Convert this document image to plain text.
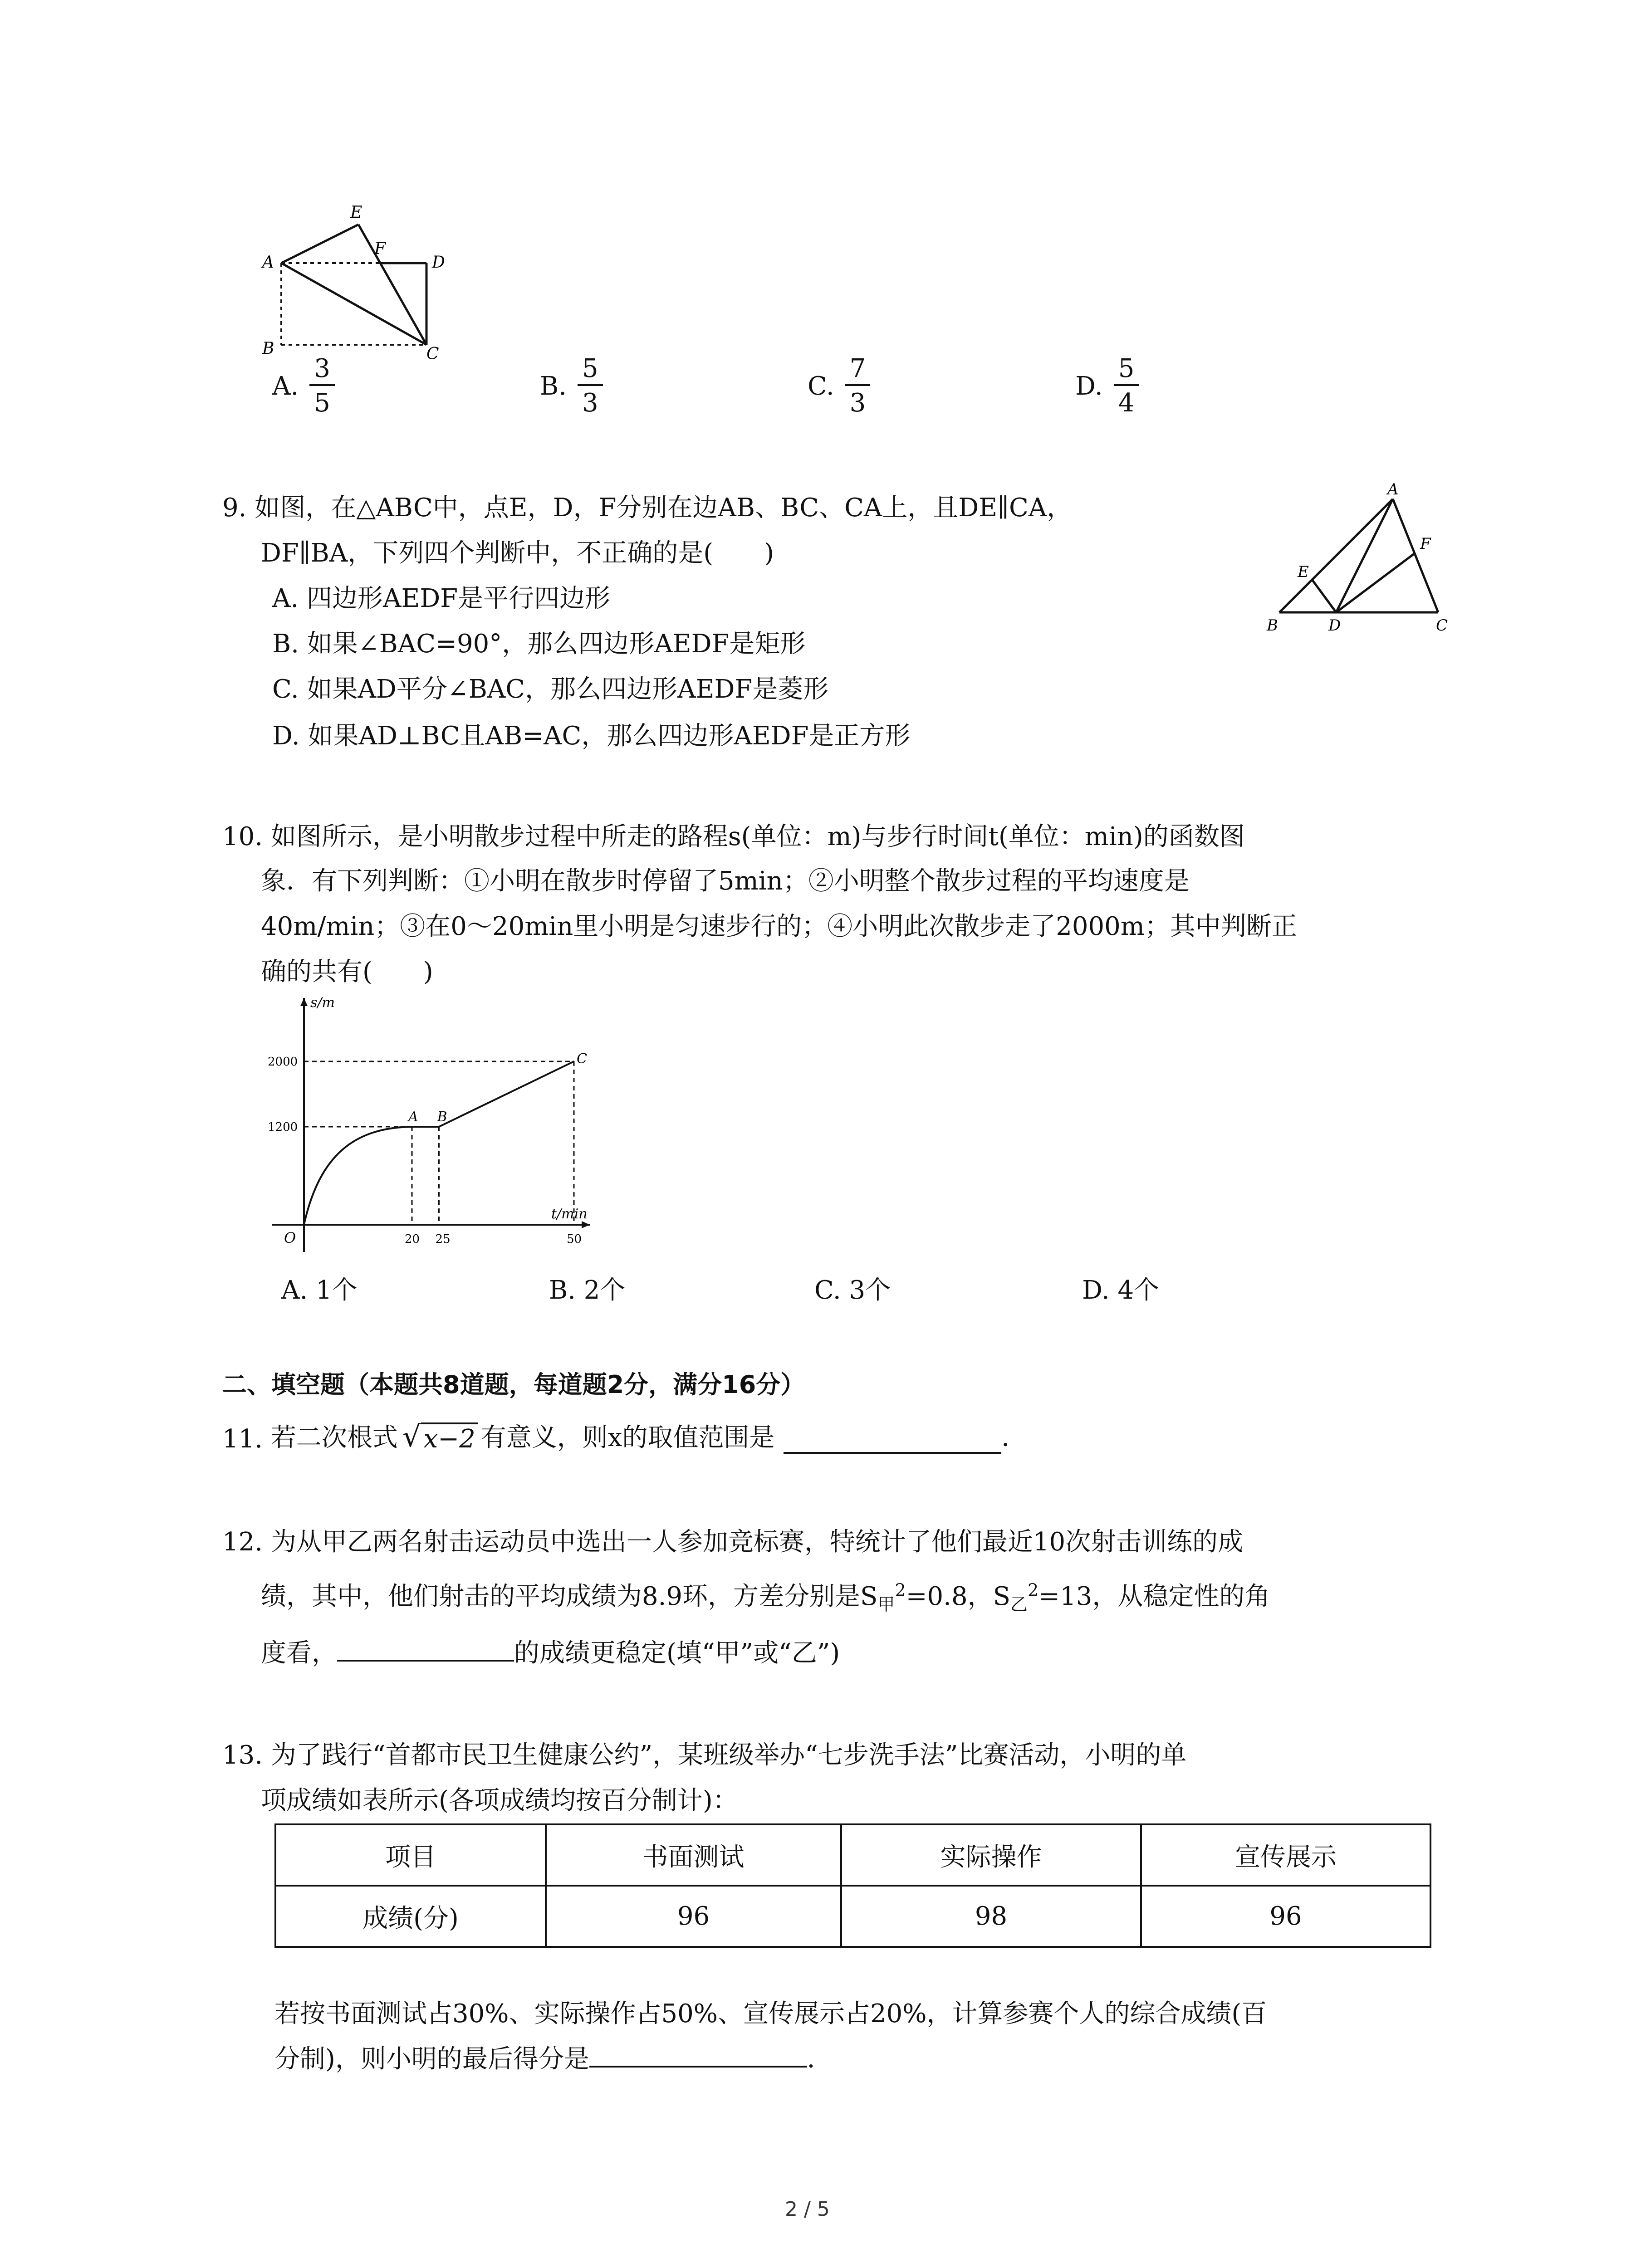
E
F
A	D
B	C
A. $\frac{3}{5}$	B. $\frac{5}{3}$	C. $\frac{7}{3}$	D. $\frac{5}{4}$
9. 如图，在△ABC中，点E，D，F分别在边AB、BC、CA上，且DE∥CA，
DF∥BA，下列四个判断中，不正确的是(　　)
A. 四边形AEDF是平行四边形
B. 如果∠BAC=90°，那么四边形AEDF是矩形
C. 如果AD平分∠BAC，那么四边形AEDF是菱形
D. 如果AD⊥BC且AB=AC，那么四边形AEDF是正方形
A
E
F
B	D	C
10. 如图所示，是小明散步过程中所走的路程s(单位：m)与步行时间t(单位：min)的函数图
象．有下列判断：①小明在散步时停留了5min；②小明整个散步过程的平均速度是
40m/min；③在0～20min里小明是匀速步行的；④小明此次散步走了2000m；其中判断正
确的共有(　　)
s/m
t/min
O
A B
C
20 25	50
1200
2000
A. 1个	B. 2个	C. 3个	D. 4个
二、填空题（本题共8道题，每道题2分，满分16分）
11.
若二次根式 √ x−2 有意义，则x的取值范围是	．
12. 为从甲乙两名射击运动员中选出一人参加竞标赛，特统计了他们最近10次射击训练的成
绩，其中，他们射击的平均成绩为8.9环，方差分别是$S_甲^2=0.8$，$S_乙^2=13$，从稳定性的角
度看，	的成绩更稳定(填“甲”或“乙”)
13. 为了践行“首都市民卫生健康公约”，某班级举办“七步洗手法”比赛活动，小明的单
项成绩如表所示(各项成绩均按百分制计)：
项目	书面测试	实际操作	宣传展示
成绩(分)	96	98	96
若按书面测试占30%、实际操作占50%、宣传展示占20%，计算参赛个人的综合成绩(百
分制)，则小明的最后得分是	．
2 / 5
